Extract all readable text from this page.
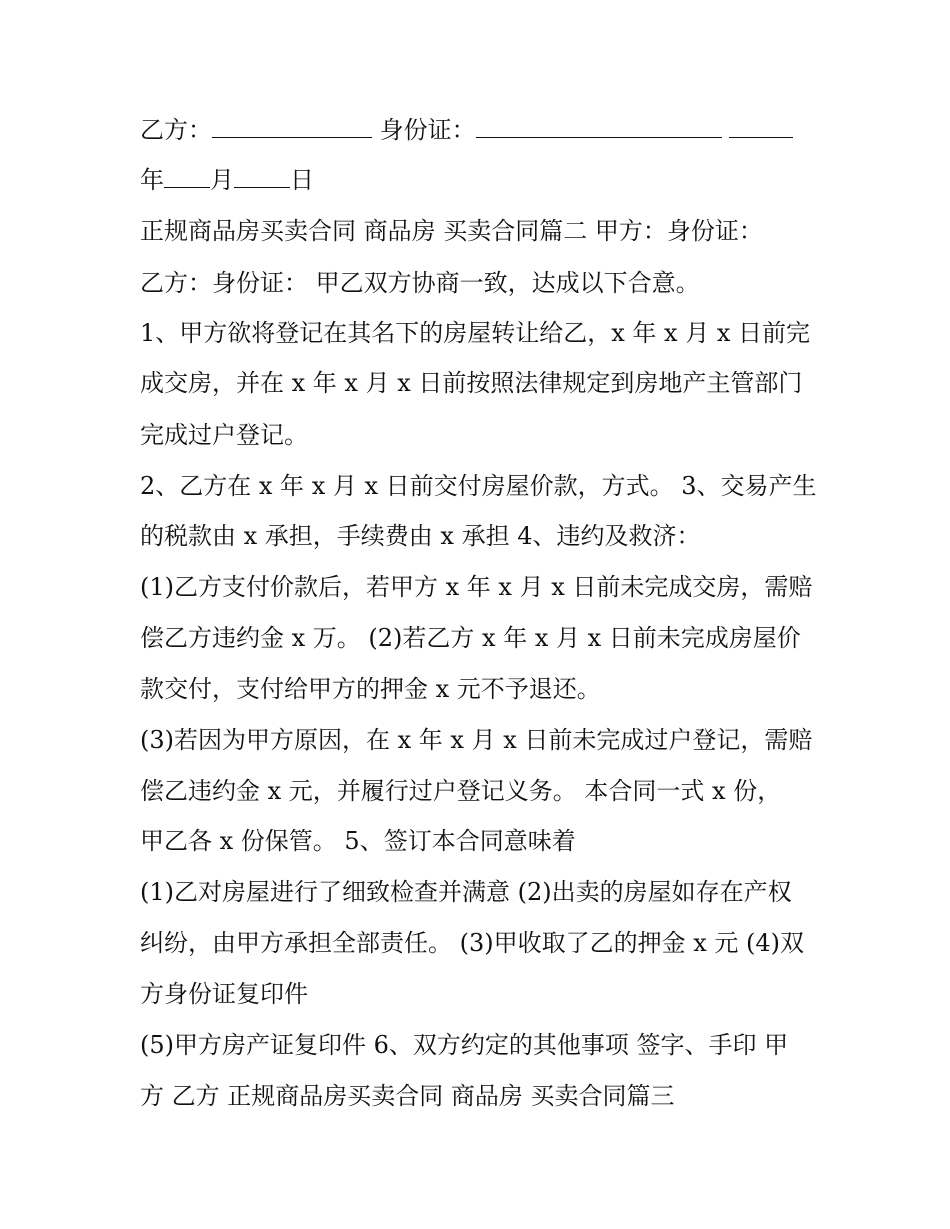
乙方：	身份证：
年 月 日
正规商品房买卖合同 商品房 买卖合同篇二 甲方：身份证：
乙方：身份证： 甲乙双方协商一致，达成以下合意。
1、甲方欲将登记在其名下的房屋转让给乙，x 年 x 月 x 日前完
成交房，并在 x 年 x 月 x 日前按照法律规定到房地产主管部门
完成过户登记。
2、乙方在 x 年 x 月 x 日前交付房屋价款，方式。 3、交易产生
的税款由 x 承担，手续费由 x 承担 4、违约及救济：
(1)乙方支付价款后，若甲方 x 年 x 月 x 日前未完成交房，需赔
偿乙方违约金 x 万。 (2)若乙方 x 年 x 月 x 日前未完成房屋价
款交付，支付给甲方的押金 x 元不予退还。
(3)若因为甲方原因，在 x 年 x 月 x 日前未完成过户登记，需赔
偿乙违约金 x 元，并履行过户登记义务。 本合同一式 x 份，
甲乙各 x 份保管。 5、签订本合同意味着
(1)乙对房屋进行了细致检查并满意 (2)出卖的房屋如存在产权
纠纷，由甲方承担全部责任。 (3)甲收取了乙的押金 x 元 (4)双
方身份证复印件
(5)甲方房产证复印件 6、双方约定的其他事项 签字、手印 甲
方 乙方 正规商品房买卖合同 商品房 买卖合同篇三
